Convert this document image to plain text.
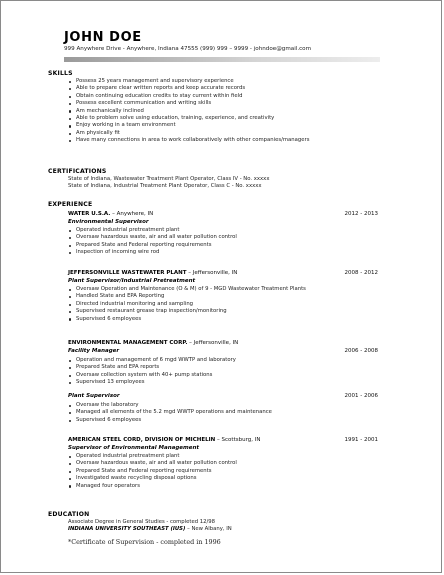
JOHN DOE
999 Anywhere Drive - Anywhere, Indiana 47555 (999) 999 – 9999 - johndoe@gmail.com
SKILLS
Possess 25 years management and supervisory experience
Able to prepare clear written reports and keep accurate records
Obtain continuing education credits to stay current within field
Possess excellent communication and writing skills
Am mechanically inclined
Able to problem solve using education, training, experience, and creativity
Enjoy working in a team environment
Am physically fit
Have many connections in area to work collaboratively with other companies/managers
CERTIFICATIONS
State of Indiana, Wastewater Treatment Plant Operator, Class IV - No. xxxxx
State of Indiana, Industrial Treatment Plant Operator, Class C - No. xxxxx
EXPERIENCE
WATER U.S.A. – Anywhere, IN	2012 - 2013
Environmental Supervisor
Operated industrial pretreatment plant
Oversaw hazardous waste, air and all water pollution control
Prepared State and Federal reporting requirements
Inspection of incoming wire rod
JEFFERSONVILLE WASTEWATER PLANT – Jeffersonville, IN	2008 - 2012
Plant Supervisor/Industrial Pretreatment
Oversaw Operation and Maintenance (O & M) of 9 - MGD Wastewater Treatment Plants
Handled State and EPA Reporting
Directed industrial monitoring and sampling
Supervised restaurant grease trap inspection/monitoring
Supervised 6 employees
ENVIRONMENTAL MANAGEMENT CORP. – Jeffersonville, IN
Facility Manager	2006 - 2008
Operation and management of 6 mgd WWTP and laboratory
Prepared State and EPA reports
Oversaw collection system with 40+ pump stations
Supervised 13 employees
Plant Supervisor	2001 - 2006
Oversaw the laboratory
Managed all elements of the 5.2 mgd WWTP operations and maintenance
Supervised 6 employees
AMERICAN STEEL CORD, DIVISION OF MICHELIN – Scottsburg, IN	1991 - 2001
Supervisor of Environmental Management
Operated industrial pretreatment plant
Oversaw hazardous waste, air and all water pollution control
Prepared State and Federal reporting requirements
Investigated waste recycling disposal options
Managed four operators
EDUCATION
Associate Degree in General Studies - completed 12/98
INDIANA UNIVERSITY SOUTHEAST (IUS) – New Albany, IN
*Certificate of Supervision - completed in 1996
